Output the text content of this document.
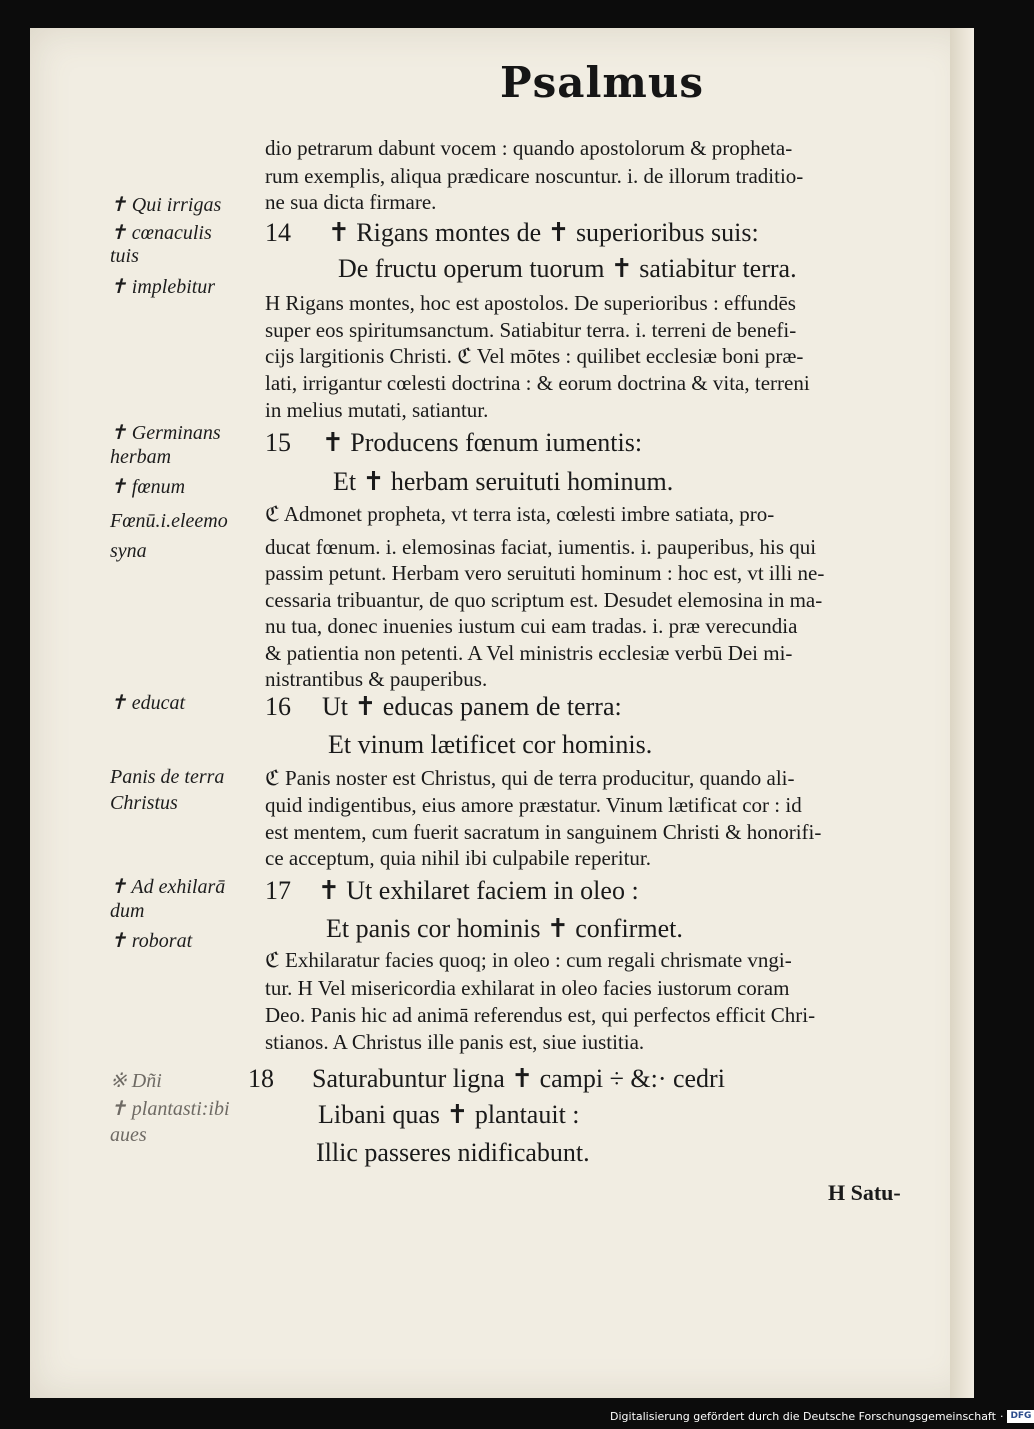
Psalmus

dio petrarum dabunt vocem : quando apostolorum & propheta-

rum exemplis, aliqua prædicare noscuntur. i. de illorum traditio-

ne sua dicta firmare.

14 ✝ Rigans montes de ✝ superioribus suis:

De fructu operum tuorum ✝ satiabitur terra.

H Rigans montes, hoc est apostolos. De superioribus : effundēs

super eos spiritumsanctum. Satiabitur terra. i. terreni de benefi-

cijs largitionis Christi. ℭ Vel mōtes : quilibet ecclesiæ boni præ-

lati, irrigantur cœlesti doctrina : & eorum doctrina & vita, terreni

in melius mutati, satiantur.

15 ✝ Producens fœnum iumentis:

Et ✝ herbam seruituti hominum.

ℭ Admonet propheta, vt terra ista, cœlesti imbre satiata, pro-

ducat fœnum. i. elemosinas faciat, iumentis. i. pauperibus, his qui

passim petunt. Herbam vero seruituti hominum : hoc est, vt illi ne-

cessaria tribuantur, de quo scriptum est. Desudet elemosina in ma-

nu tua, donec inuenies iustum cui eam tradas. i. præ verecundia

& patientia non petenti. A Vel ministris ecclesiæ verbū Dei mi-

nistrantibus & pauperibus.

16 Ut ✝ educas panem de terra:

Et vinum lætificet cor hominis.

ℭ Panis noster est Christus, qui de terra producitur, quando ali-

quid indigentibus, eius amore præstatur. Vinum lætificat cor : id

est mentem, cum fuerit sacratum in sanguinem Christi & honorifi-

ce acceptum, quia nihil ibi culpabile reperitur.

17 ✝ Ut exhilaret faciem in oleo :

Et panis cor hominis ✝ confirmet.

ℭ Exhilaratur facies quoq; in oleo : cum regali chrismate vngi-

tur. H Vel misericordia exhilarat in oleo facies iustorum coram

Deo. Panis hic ad animā referendus est, qui perfectos efficit Chri-

stianos. A Christus ille panis est, siue iustitia.

18 Saturabuntur ligna ✝ campi ÷ &:· cedri

Libani quas ✝ plantauit :

Illic passeres nidificabunt.

H Satu-

✝ Qui irrigas

✝ cœnaculis

tuis

✝ implebitur

✝ Germinans

herbam

✝ fœnum

Fœnū.i.eleemo

syna

✝ educat

Panis de terra

Christus

✝ Ad exhilarā

dum

✝ roborat

※ Dñi

✝ plantasti:ibi

aues

Digitalisierung gefördert durch die Deutsche Forschungsgemeinschaft · DFG
